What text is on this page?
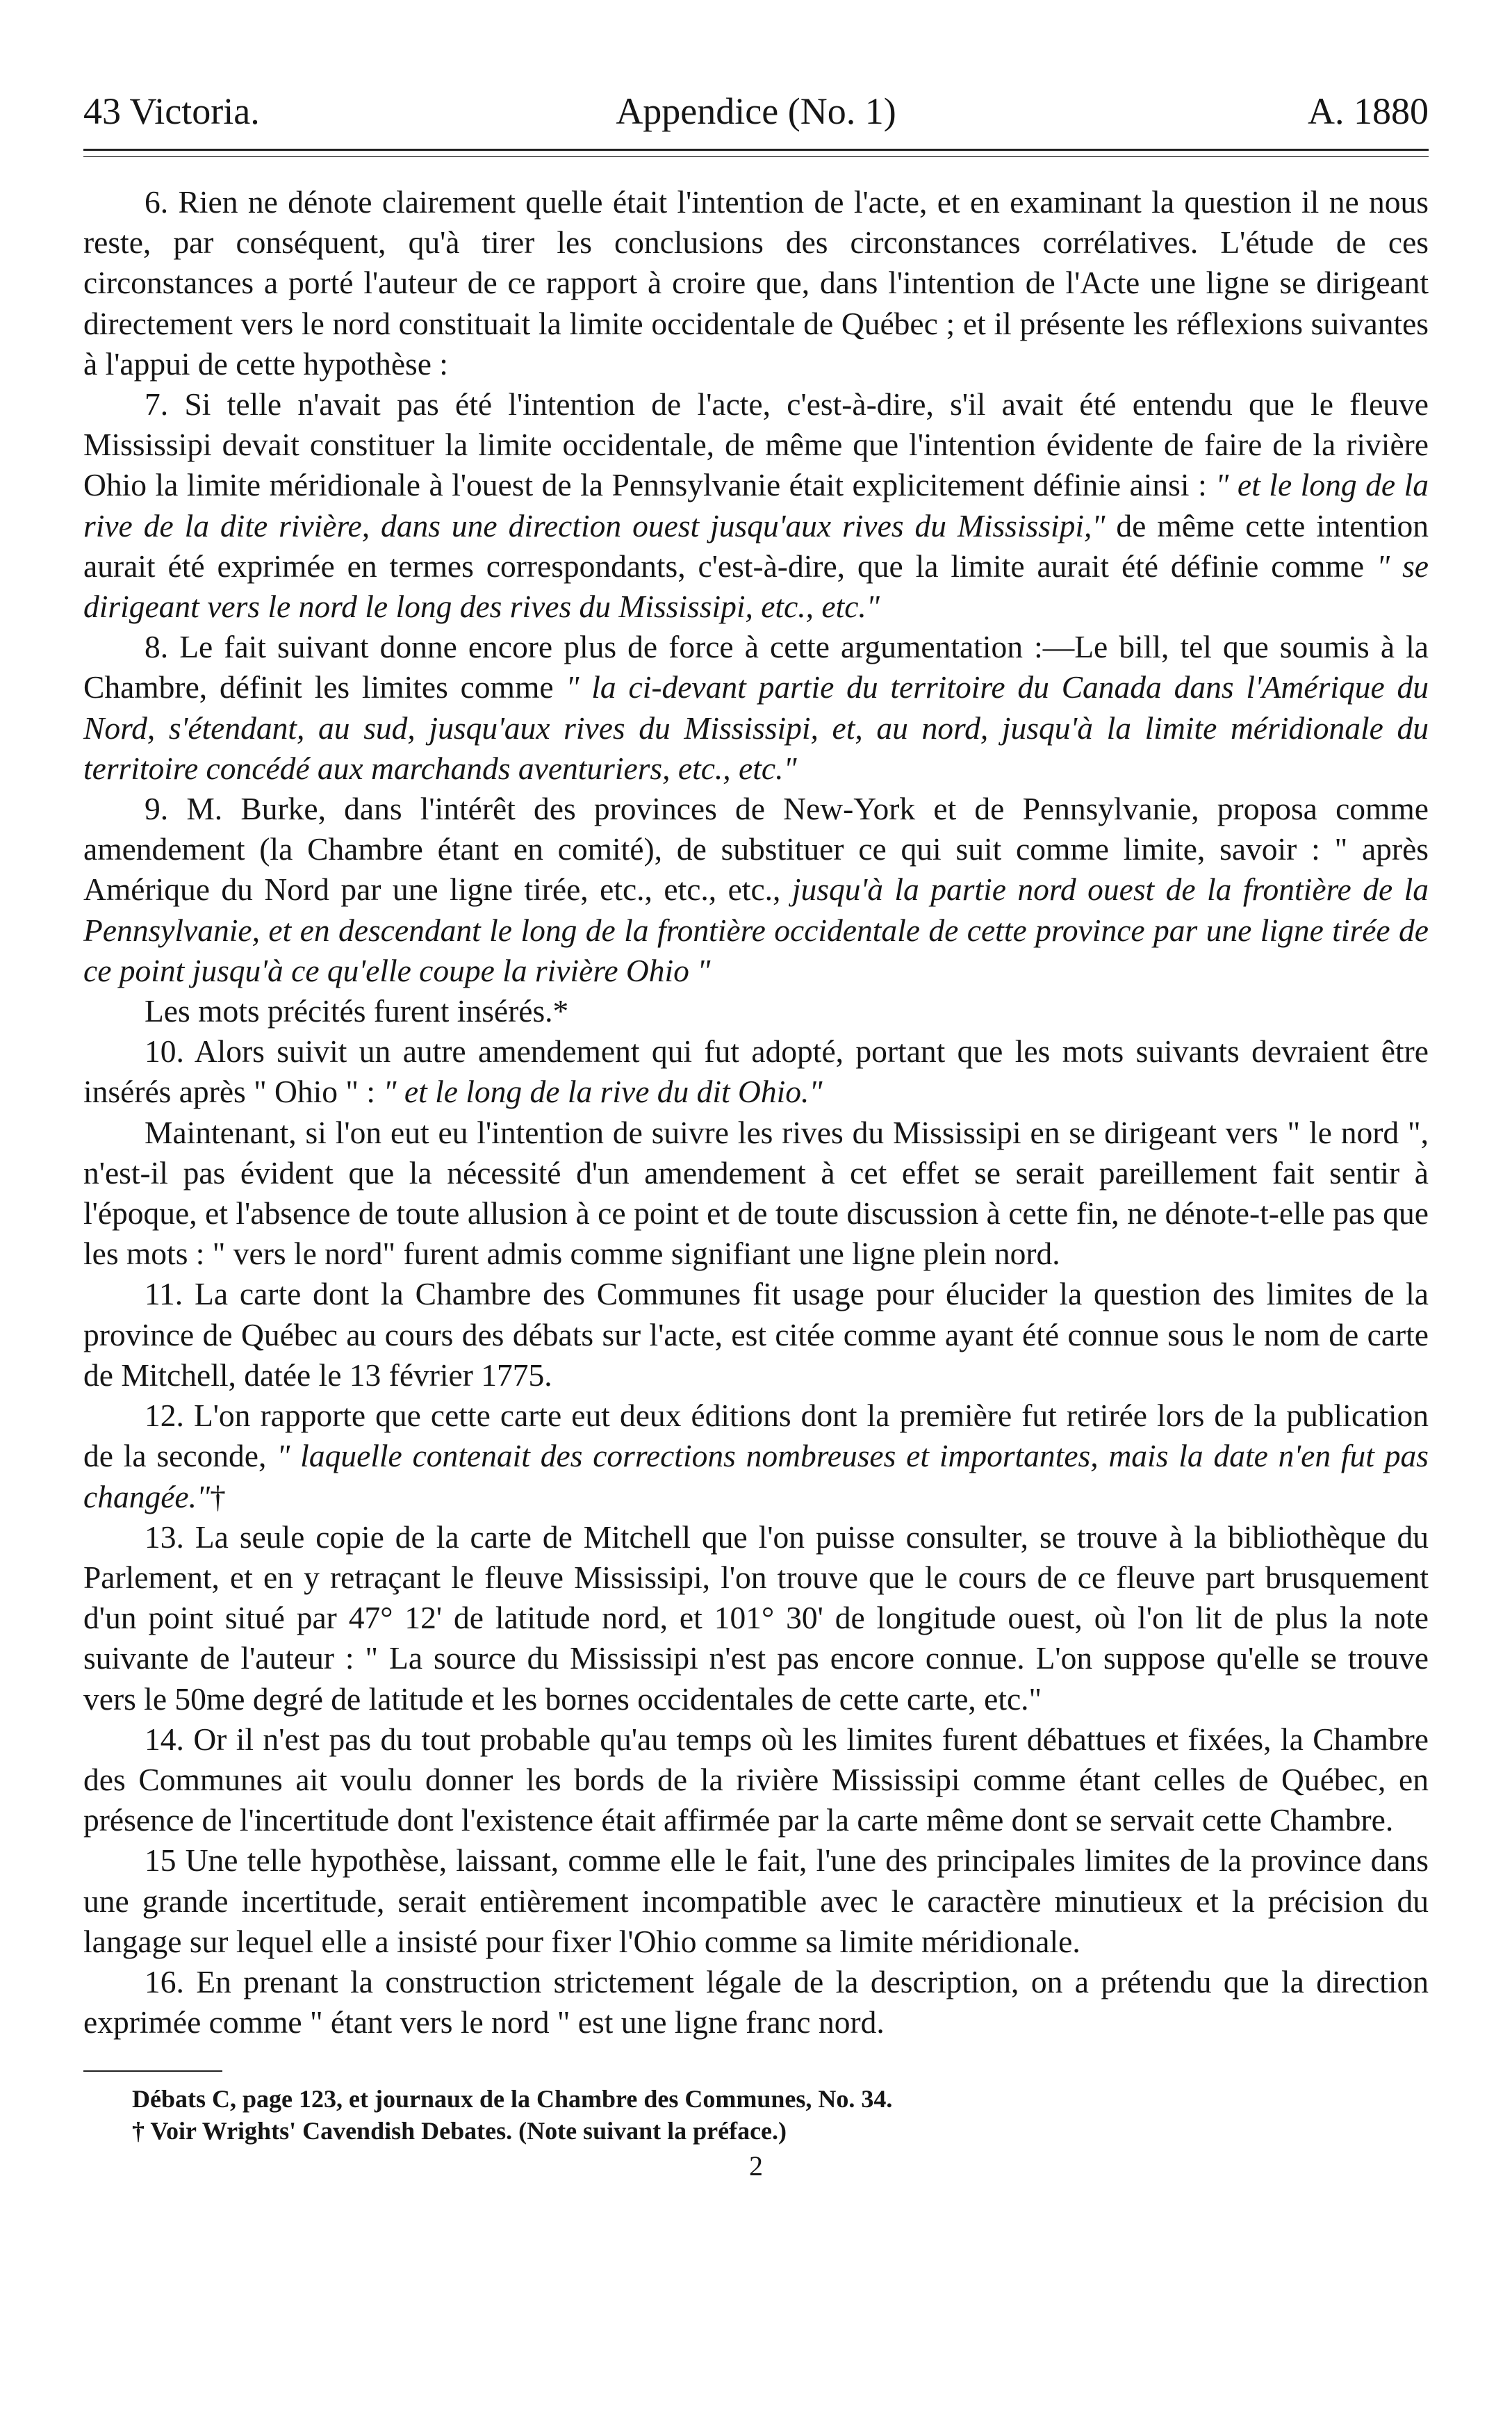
43 Victoria.	Appendice (No. 1)	A. 1880

6. Rien ne dénote clairement quelle était l'intention de l'acte, et en examinant la question il ne nous reste, par conséquent, qu'à tirer les conclusions des circonstances corrélatives. L'étude de ces circonstances a porté l'auteur de ce rapport à croire que, dans l'intention de l'Acte une ligne se dirigeant directement vers le nord constituait la limite occidentale de Québec ; et il présente les réflexions suivantes à l'appui de cette hypothèse :

7. Si telle n'avait pas été l'intention de l'acte, c'est-à-dire, s'il avait été entendu que le fleuve Mississipi devait constituer la limite occidentale, de même que l'intention évidente de faire de la rivière Ohio la limite méridionale à l'ouest de la Pennsylvanie était explicitement définie ainsi : " et le long de la rive de la dite rivière, dans une direction ouest jusqu'aux rives du Mississipi," de même cette intention aurait été exprimée en termes correspondants, c'est-à-dire, que la limite aurait été définie comme " se dirigeant vers le nord le long des rives du Mississipi, etc., etc."

8. Le fait suivant donne encore plus de force à cette argumentation :—Le bill, tel que soumis à la Chambre, définit les limites comme " la ci-devant partie du territoire du Canada dans l'Amérique du Nord, s'étendant, au sud, jusqu'aux rives du Mississipi, et, au nord, jusqu'à la limite méridionale du territoire concédé aux marchands aventuriers, etc., etc."

9. M. Burke, dans l'intérêt des provinces de New-York et de Pennsylvanie, proposa comme amendement (la Chambre étant en comité), de substituer ce qui suit comme limite, savoir : " après Amérique du Nord par une ligne tirée, etc., etc., etc., jusqu'à la partie nord ouest de la frontière de la Pennsylvanie, et en descendant le long de la frontière occidentale de cette province par une ligne tirée de ce point jusqu'à ce qu'elle coupe la rivière Ohio "

Les mots précités furent insérés.*

10. Alors suivit un autre amendement qui fut adopté, portant que les mots suivants devraient être insérés après " Ohio " : " et le long de la rive du dit Ohio."

Maintenant, si l'on eut eu l'intention de suivre les rives du Mississipi en se dirigeant vers " le nord ", n'est-il pas évident que la nécessité d'un amendement à cet effet se serait pareillement fait sentir à l'époque, et l'absence de toute allusion à ce point et de toute discussion à cette fin, ne dénote-t-elle pas que les mots : " vers le nord" furent admis comme signifiant une ligne plein nord.

11. La carte dont la Chambre des Communes fit usage pour élucider la question des limites de la province de Québec au cours des débats sur l'acte, est citée comme ayant été connue sous le nom de carte de Mitchell, datée le 13 février 1775.

12. L'on rapporte que cette carte eut deux éditions dont la première fut retirée lors de la publication de la seconde, " laquelle contenait des corrections nombreuses et importantes, mais la date n'en fut pas changée."†

13. La seule copie de la carte de Mitchell que l'on puisse consulter, se trouve à la bibliothèque du Parlement, et en y retraçant le fleuve Mississipi, l'on trouve que le cours de ce fleuve part brusquement d'un point situé par 47° 12' de latitude nord, et 101° 30' de longitude ouest, où l'on lit de plus la note suivante de l'auteur : " La source du Mississipi n'est pas encore connue. L'on suppose qu'elle se trouve vers le 50me degré de latitude et les bornes occidentales de cette carte, etc."

14. Or il n'est pas du tout probable qu'au temps où les limites furent débattues et fixées, la Chambre des Communes ait voulu donner les bords de la rivière Mississipi comme étant celles de Québec, en présence de l'incertitude dont l'existence était affirmée par la carte même dont se servait cette Chambre.

15 Une telle hypothèse, laissant, comme elle le fait, l'une des principales limites de la province dans une grande incertitude, serait entièrement incompatible avec le caractère minutieux et la précision du langage sur lequel elle a insisté pour fixer l'Ohio comme sa limite méridionale.

16. En prenant la construction strictement légale de la description, on a prétendu que la direction exprimée comme " étant vers le nord " est une ligne franc nord.

Débats C, page 123, et journaux de la Chambre des Communes, No. 34.
† Voir Wrights' Cavendish Debates. (Note suivant la préface.)
2
